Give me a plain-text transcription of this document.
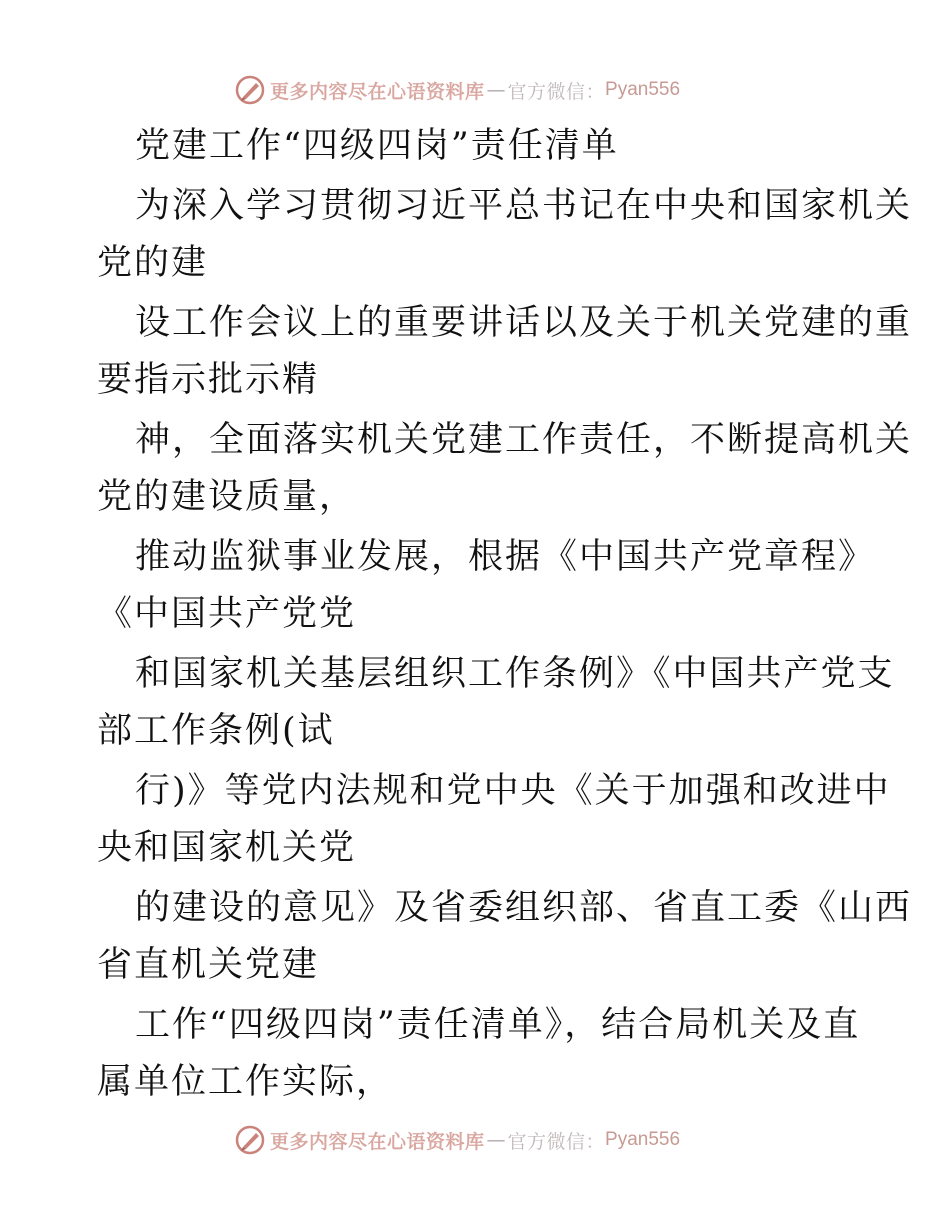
更多内容尽在心语资料库 — 官方微信： Pyan556
党建工作“四级四岗”责任清单
为深入学习贯彻习近平总书记在中央和国家机关
党的建
设工作会议上的重要讲话以及关于机关党建的重
要指示批示精
神，全面落实机关党建工作责任，不断提高机关
党的建设质量，
推动监狱事业发展，根据《中国共产党章程》
《中国共产党党
和国家机关基层组织工作条例》《中国共产党支
部工作条例(试
行)》等党内法规和党中央《关于加强和改进中
央和国家机关党
的建设的意见》及省委组织部、省直工委《山西
省直机关党建
工作“四级四岗”责任清单》，结合局机关及直
属单位工作实际，
更多内容尽在心语资料库 — 官方微信： Pyan556
